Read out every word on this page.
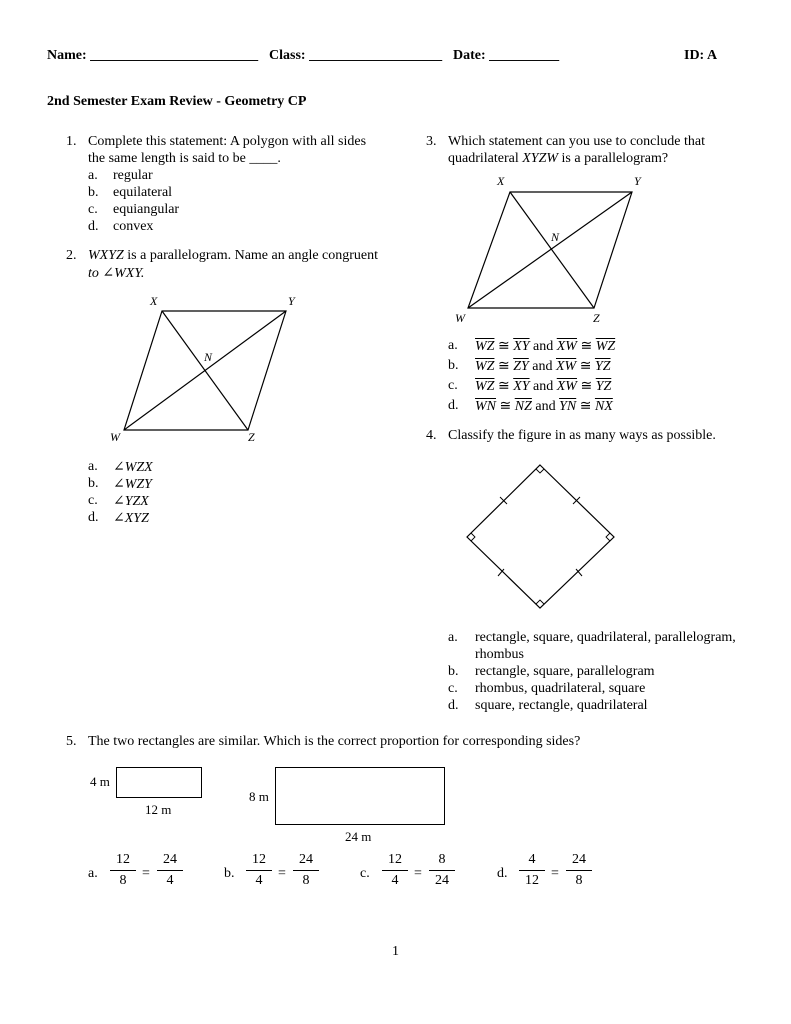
Name: ________________________ Class: ___________________ Date: __________	ID: A
2nd Semester Exam Review - Geometry CP
1. Complete this statement: A polygon with all sides
the same length is said to be ____.
a. regular
b. equilateral
c. equiangular
d. convex
2. WXYZ is a parallelogram. Name an angle congruent
to ∠WXY.
X	Y
N
W	Z
a. ∠WZX
b. ∠WZY
c. ∠YZX
d. ∠XYZ
3. Which statement can you use to conclude that
quadrilateral XYZW is a parallelogram?
X	Y
N
W	Z
a. $\overline{WZ}$ ≅ $\overline{XY}$ and $\overline{XW}$ ≅ $\overline{WZ}$
b. $\overline{WZ}$ ≅ $\overline{ZY}$ and $\overline{XW}$ ≅ $\overline{YZ}$
c. $\overline{WZ}$ ≅ $\overline{XY}$ and $\overline{XW}$ ≅ $\overline{YZ}$
d. $\overline{WN}$ ≅ $\overline{NZ}$ and $\overline{YN}$ ≅ $\overline{NX}$
4. Classify the figure in as many ways as possible.
a. rectangle, square, quadrilateral, parallelogram,
rhombus
b. rectangle, square, parallelogram
c. rhombus, quadrilateral, square
d. square, rectangle, quadrilateral
5. The two rectangles are similar. Which is the correct proportion for corresponding sides?
4 m
12 m
8 m
24 m
a.
12
8	=
24
4	b.
12
4	=
24
8	c.
12
4	=
8
24	d.
4
12 =
24
8
1
